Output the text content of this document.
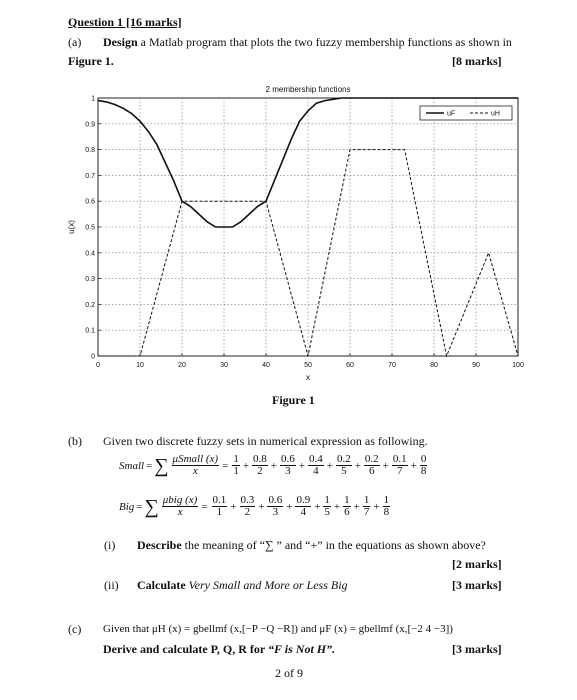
Question 1 [16 marks]
(a) Design a Matlab program that plots the two fuzzy membership functions as shown in
Figure 1.	[8 marks]
0	10	20	30	40	50	60	70	80	90	100
0
0.1
0.2
0.3
0.4
0.5
0.6
0.7
0.8
0.9
1
2 membership functions
x
u(x)
uF	uH
Figure 1
(b) Given two discrete fuzzy sets in numerical expression as following.
Small = ∑ $\frac{\text{μSmall (x)}}{x} = \frac{1}{1} + \frac{0.8}{2} + \frac{0.6}{3} + \frac{0.4}{4} + \frac{0.2}{5} + \frac{0.2}{6} + \frac{0.1}{7} + \frac{0}{8}$
Big = ∑ $\frac{\text{μbig (x)}}{x} = \frac{0.1}{1} + \frac{0.3}{2} + \frac{0.6}{3} + \frac{0.9}{4} + \frac{1}{5} + \frac{1}{6} + \frac{1}{7} + \frac{1}{8}$
(i) Describe the meaning of “∑ ” and “+” in the equations as shown above?
[2 marks]
(ii) Calculate Very Small and More or Less Big	[3 marks]
(c) Given that μH (x) = gbellmf (x,[−P −Q −R]) and μF (x) = gbellmf (x,[−2 4 −3])
Derive and calculate P, Q, R for “F is Not H”.	[3 marks]
2 of 9
